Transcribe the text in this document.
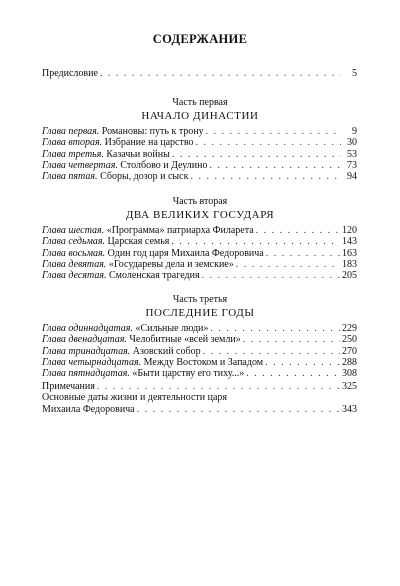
СОДЕРЖАНИЕ
Предисловие . . .	5
Часть первая
НАЧАЛО ДИНАСТИИ
Глава первая. Романовы: путь к трону . . .	9
Глава вторая. Избрание на царство . . .	30
Глава третья. Казачьи войны . . .	53
Глава четвертая. Столбово и Деулино . . .	73
Глава пятая. Сборы, дозор и сыск . . .	94
Часть вторая
ДВА ВЕЛИКИХ ГОСУДАРЯ
Глава шестая. «Программа» патриарха Филарета . . .	120
Глава седьмая. Царская семья . . .	143
Глава восьмая. Один год царя Михаила Федоровича . . .	163
Глава девятая. «Государевы дела и земские» . . .	183
Глава десятая. Смоленская трагедия . . .	205
Часть третья
ПОСЛЕДНИЕ ГОДЫ
Глава одиннадцатая. «Сильные люди» . . .	229
Глава двенадцатая. Челобитные «всей земли» . . .	250
Глава тринадцатая. Азовский собор . . .	270
Глава четырнадцатая. Между Востоком и Западом . . .	288
Глава пятнадцатая. «Быти царству его тиху...» . . .	308
Примечания . . .	325
Основные даты жизни и деятельности царя
Михаила Федоровича . . .	343
